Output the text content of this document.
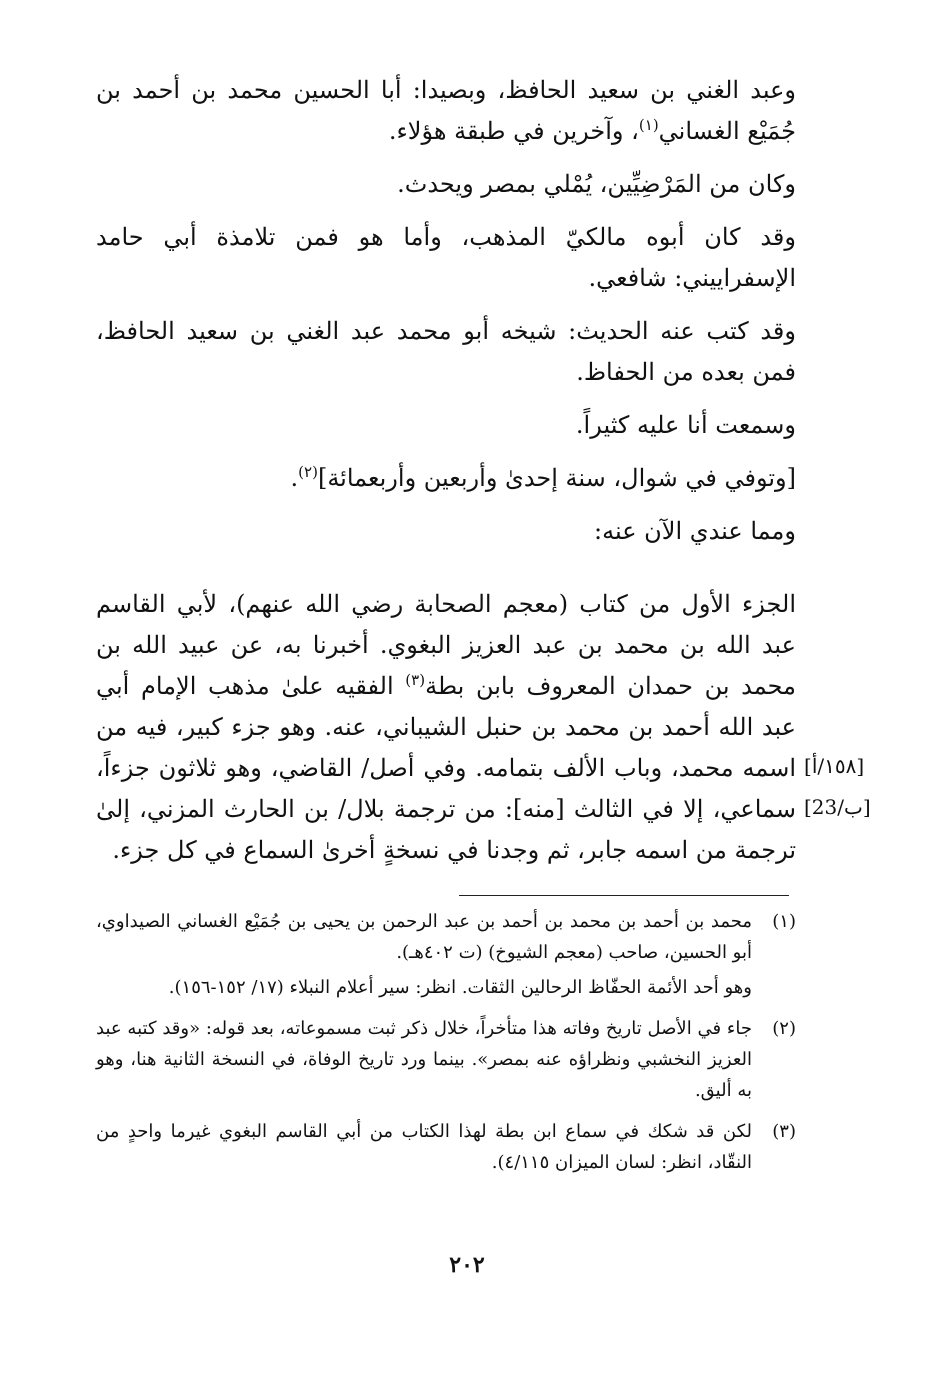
وعبد الغني بن سعيد الحافظ، وبصيدا: أبا الحسين محمد بن أحمد بن جُمَيْع الغساني$^{(١)}$، وآخرين في طبقة هؤلاء.

وكان من المَرْضِيِّين، يُمْلي بمصر ويحدث.

وقد كان أبوه مالكيّ المذهب، وأما هو فمن تلامذة أبي حامد الإسفراييني: شافعي.

وقد كتب عنه الحديث: شيخه أبو محمد عبد الغني بن سعيد الحافظ، فمن بعده من الحفاظ.

وسمعت أنا عليه كثيراً.

[وتوفي في شوال، سنة إحدىٰ وأربعين وأربعمائة]$^{(٢)}$.

ومما عندي الآن عنه:

الجزء الأول من كتاب (معجم الصحابة رضي الله عنهم)، لأبي القاسم عبد الله بن محمد بن عبد العزيز البغوي. أخبرنا به، عن عبيد الله بن محمد بن حمدان المعروف بابن بطة$^{(٣)}$ الفقيه علىٰ مذهب الإمام أبي عبد الله أحمد بن محمد بن حنبل الشيباني، عنه. وهو جزء كبير، فيه من اسمه محمد، وباب الألف بتمامه. وفي أصل/ القاضي، وهو ثلاثون جزءاً، سماعي، إلا في الثالث [منه]: من ترجمة بلال/ بن الحارث المزني، إلىٰ ترجمة من اسمه جابر، ثم وجدنا في نسخةٍ أخرىٰ السماع في كل جزء.

[١٥٨/أ]
[23/ب]
(١)

محمد بن أحمد بن محمد بن أحمد بن عبد الرحمن بن يحيى بن جُمَيْع الغساني الصيداوي، أبو الحسين، صاحب (معجم الشيوخ) (ت ٤٠٢هـ).

وهو أحد الأئمة الحفّاظ الرحالين الثقات. انظر: سير أعلام النبلاء (١٧/ ١٥٢-١٥٦).

(٢)

جاء في الأصل تاريخ وفاته هذا متأخراً، خلال ذكر ثبت مسموعاته، بعد قوله: «وقد كتبه عبد العزيز النخشبي ونظراؤه عنه بمصر». بينما ورد تاريخ الوفاة، في النسخة الثانية هنا، وهو به أليق.

(٣)

لكن قد شكك في سماع ابن بطة لهذا الكتاب من أبي القاسم البغوي غيرما واحدٍ من النقّاد، انظر: لسان الميزان ٤/١١٥).

٢٠٢
